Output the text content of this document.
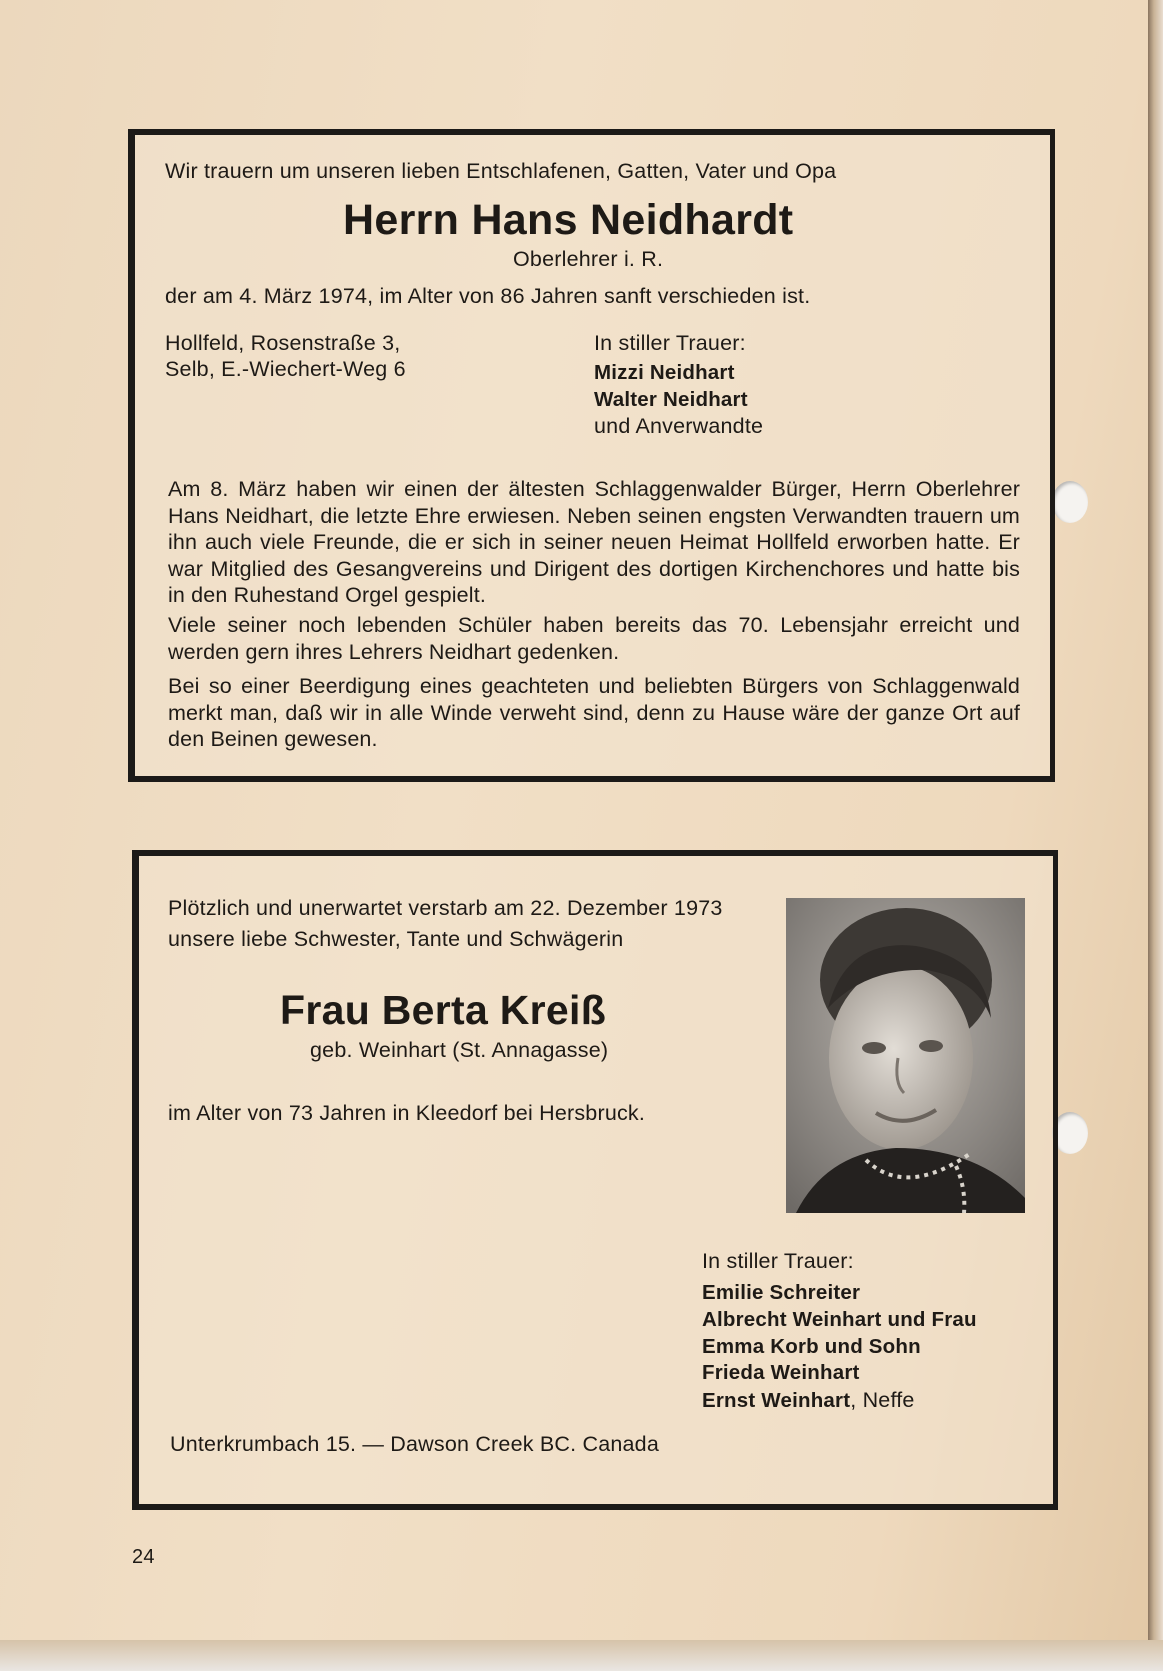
Wir trauern um unseren lieben Entschlafenen, Gatten, Vater und Opa

Herrn Hans Neidhardt

Oberlehrer i. R.

der am 4. März 1974, im Alter von 86 Jahren sanft verschieden ist.

Hollfeld, Rosenstraße 3,

Selb, E.-Wiechert-Weg 6

In stiller Trauer:

Mizzi Neidhart

Walter Neidhart

und Anverwandte

Am 8. März haben wir einen der ältesten Schlaggenwalder Bürger, Herrn Oberlehrer Hans Neidhart, die letzte Ehre erwiesen. Neben seinen engsten Verwandten trauern um ihn auch viele Freunde, die er sich in seiner neuen Heimat Hollfeld erworben hatte. Er war Mitglied des Gesangvereins und Dirigent des dortigen Kirchenchores und hatte bis in den Ruhestand Orgel gespielt.

Viele seiner noch lebenden Schüler haben bereits das 70. Lebensjahr erreicht und werden gern ihres Lehrers Neidhart gedenken.

Bei so einer Beerdigung eines geachteten und beliebten Bürgers von Schlaggenwald merkt man, daß wir in alle Winde verweht sind, denn zu Hause wäre der ganze Ort auf den Beinen gewesen.

Plötzlich und unerwartet verstarb am 22. Dezember 1973

unsere liebe Schwester, Tante und Schwägerin

Frau Berta Kreiß

geb. Weinhart (St. Annagasse)

im Alter von 73 Jahren in Kleedorf bei Hersbruck.

In stiller Trauer:

Emilie Schreiter

Albrecht Weinhart und Frau

Emma Korb und Sohn

Frieda Weinhart

Ernst Weinhart, Neffe

Unterkrumbach 15. — Dawson Creek BC. Canada

24
